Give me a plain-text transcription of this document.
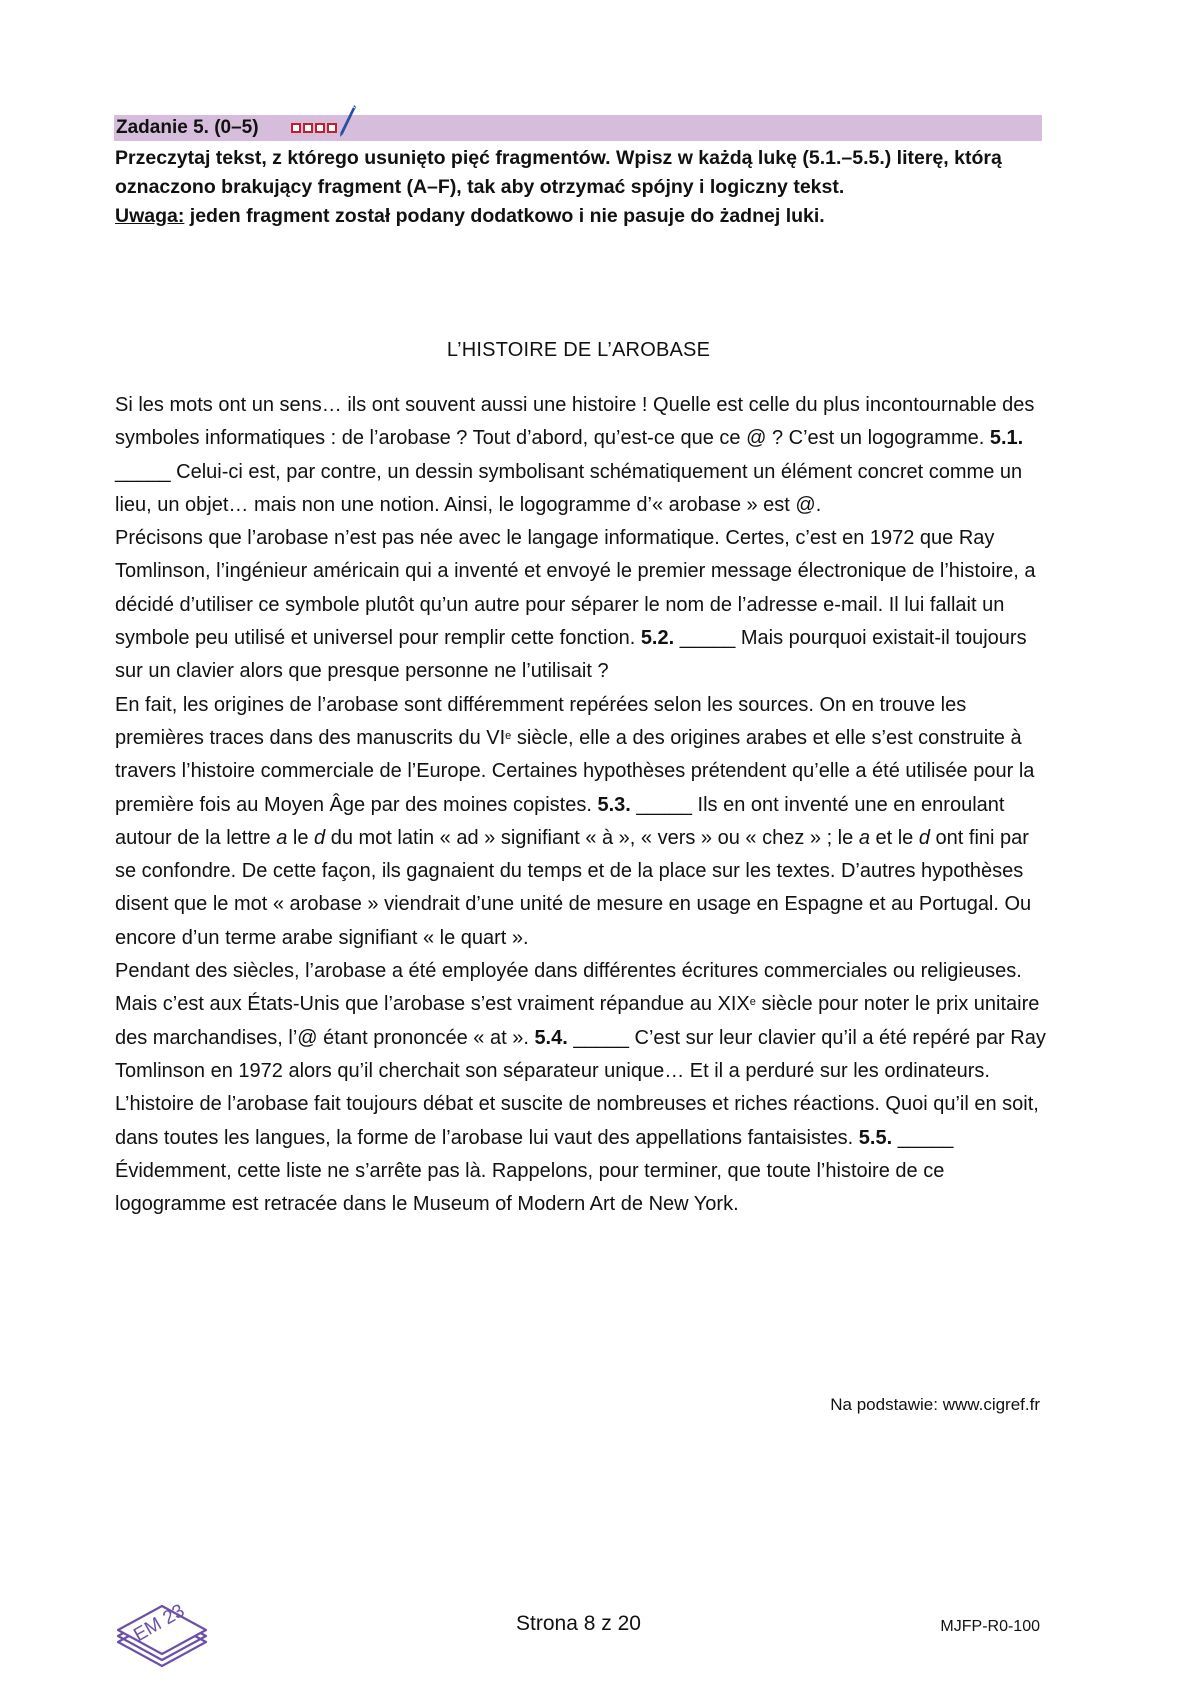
Zadanie 5. (0–5)

Przeczytaj tekst, z którego usunięto pięć fragmentów. Wpisz w każdą lukę (5.1.–5.5.) literę, którą oznaczono brakujący fragment (A–F), tak aby otrzymać spójny i logiczny tekst.

Uwaga: jeden fragment został podany dodatkowo i nie pasuje do żadnej luki.

L’HISTOIRE DE L’AROBASE

Si les mots ont un sens… ils ont souvent aussi une histoire ! Quelle est celle du plus incontournable des symboles informatiques : de l’arobase ? Tout d’abord, qu’est-ce que ce @ ? C’est un logogramme. 5.1. _____ Celui-ci est, par contre, un dessin symbolisant schématiquement un élément concret comme un lieu, un objet… mais non une notion. Ainsi, le logogramme d’« arobase » est @.

Précisons que l’arobase n’est pas née avec le langage informatique. Certes, c’est en 1972 que Ray Tomlinson, l’ingénieur américain qui a inventé et envoyé le premier message électronique de l’histoire, a décidé d’utiliser ce symbole plutôt qu’un autre pour séparer le nom de l’adresse e-mail. Il lui fallait un symbole peu utilisé et universel pour remplir cette fonction. 5.2. _____ Mais pourquoi existait-il toujours sur un clavier alors que presque personne ne l’utilisait ?

En fait, les origines de l’arobase sont différemment repérées selon les sources. On en trouve les premières traces dans des manuscrits du VIe siècle, elle a des origines arabes et elle s’est construite à travers l’histoire commerciale de l’Europe. Certaines hypothèses prétendent qu’elle a été utilisée pour la première fois au Moyen Âge par des moines copistes. 5.3. _____ Ils en ont inventé une en enroulant autour de la lettre a le d du mot latin « ad » signifiant « à », « vers » ou « chez » ; le a et le d ont fini par se confondre. De cette façon, ils gagnaient du temps et de la place sur les textes. D’autres hypothèses disent que le mot « arobase » viendrait d’une unité de mesure en usage en Espagne et au Portugal. Ou encore d’un terme arabe signifiant « le quart ».

Pendant des siècles, l’arobase a été employée dans différentes écritures commerciales ou religieuses. Mais c’est aux États-Unis que l’arobase s’est vraiment répandue au XIXe siècle pour noter le prix unitaire des marchandises, l’@ étant prononcée « at ». 5.4. _____ C’est sur leur clavier qu’il a été repéré par Ray Tomlinson en 1972 alors qu’il cherchait son séparateur unique… Et il a perduré sur les ordinateurs.

L’histoire de l’arobase fait toujours débat et suscite de nombreuses et riches réactions. Quoi qu’il en soit, dans toutes les langues, la forme de l’arobase lui vaut des appellations fantaisistes. 5.5. _____ Évidemment, cette liste ne s’arrête pas là. Rappelons, pour terminer, que toute l’histoire de ce logogramme est retracée dans le Museum of Modern Art de New York.

Na podstawie: www.cigref.fr
EM 23	Strona 8 z 20	MJFP-R0-100
